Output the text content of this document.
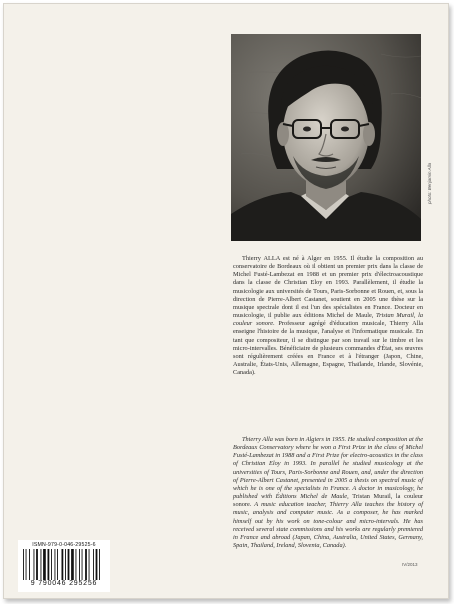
photo: Benjamin Alla
Thierry ALLA est né à Alger en 1955. Il étudie la composition au conservatoire de Bordeaux où il obtient un premier prix dans la classe de Michel Fusté-Lambezat en 1988 et un premier prix d'électroacoustique dans la classe de Christian Eloy en 1993. Parallèlement, il étudie la musicologie aux universités de Tours, Paris-Sorbonne et Rouen, et, sous la direction de Pierre-Albert Castanet, soutient en 2005 une thèse sur la musique spectrale dont il est l'un des spécialistes en France. Docteur en musicologie, il publie aux éditions Michel de Maule, Tristan Murail, la couleur sonore. Professeur agrégé d'éducation musicale, Thierry Alla enseigne l'histoire de la musique, l'analyse et l'informatique musicale. En tant que compositeur, il se distingue par son travail sur le timbre et les micro-intervalles. Bénéficiaire de plusieurs commandes d'État, ses œuvres sont régulièrement créées en France et à l'étranger (Japon, Chine, Australie, États-Unis, Allemagne, Espagne, Thaïlande, Irlande, Slovénie, Canada).
Thierry Alla was born in Algiers in 1955. He studied composition at the Bordeaux Conservatory where he won a First Prize in the class of Michel Fusté-Lambezat in 1988 and a First Prize for electro-acoustics in the class of Christian Eloy in 1993. In parallel he studied musicology at the universities of Tours, Paris-Sorbonne and Rouen, and, under the direction of Pierre-Albert Castanet, presented in 2005 a thesis on spectral music of which he is one of the specialists in France. A doctor in musicology, he published with Éditions Michel de Maule, Tristan Murail, la couleur sonore. A music education teacher, Thierry Alla teaches the history of music, analysis and computer music. As a composer, he has marked himself out by his work on tone-colour and micro-intervals. He has received several state commissions and his works are regularly premiered in France and abroad (Japan, China, Australia, United States, Germany, Spain, Thailand, Ireland, Slovenia, Canada).
IV/2013
ISMN-979-0-046-29525-6
9 790046 295256
